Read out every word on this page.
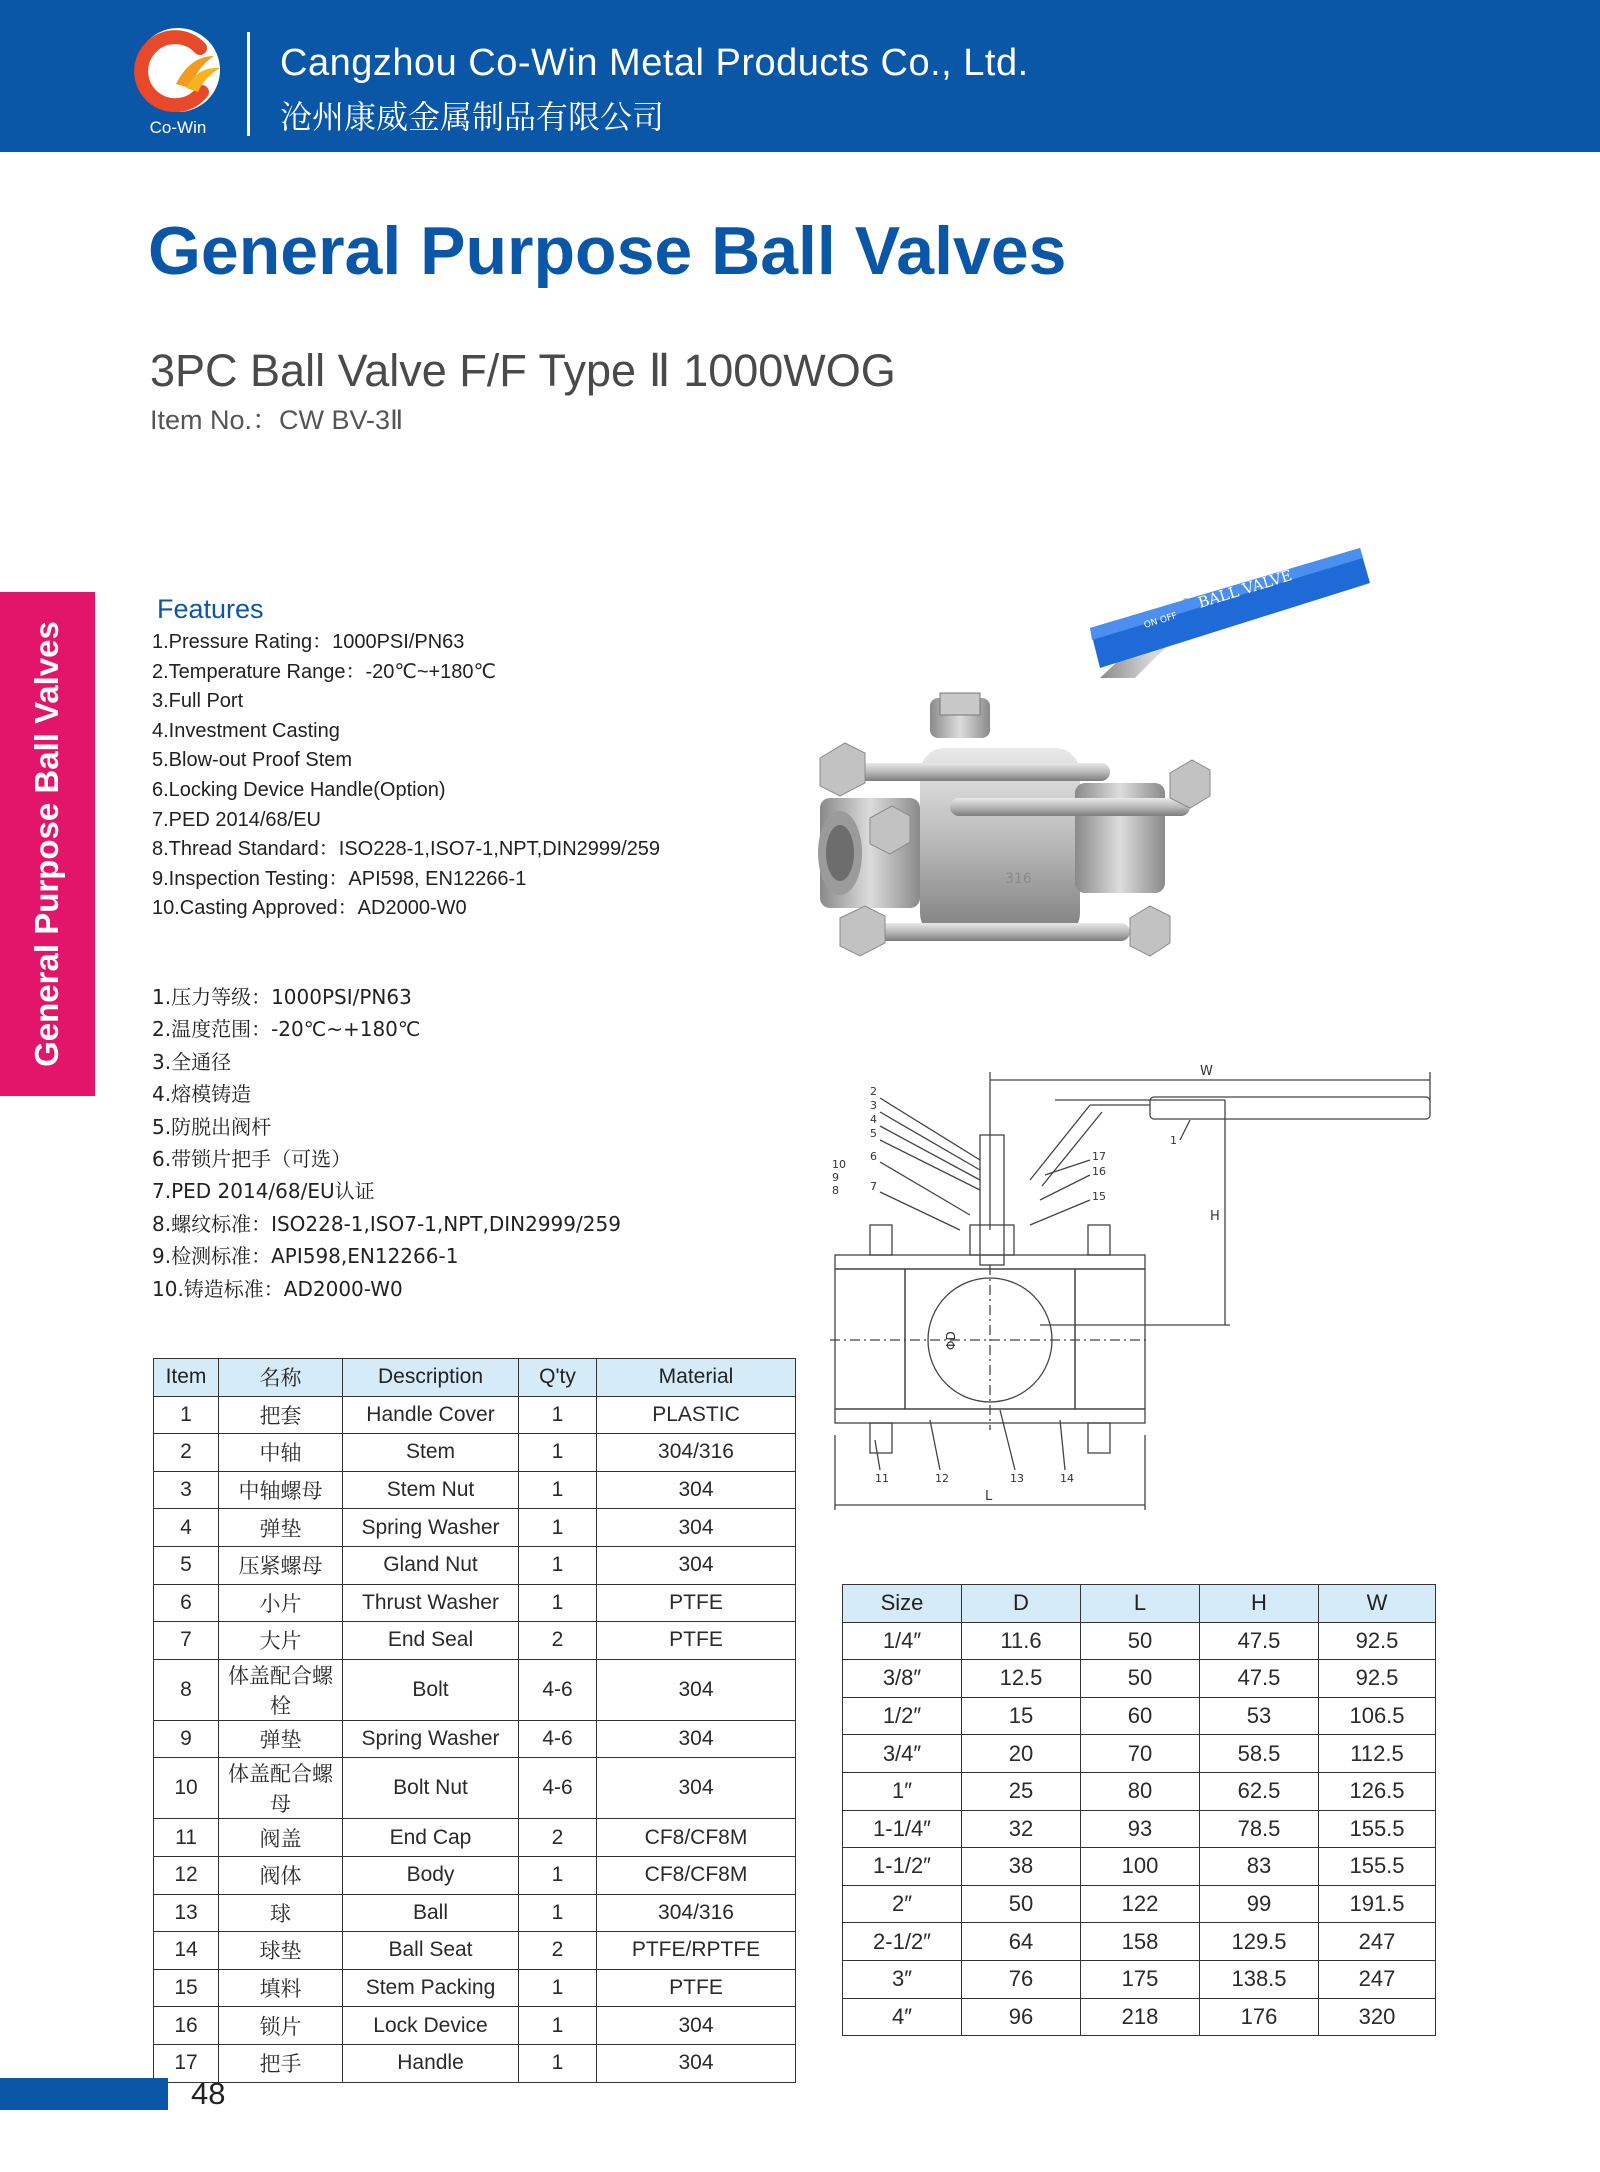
Co-Win
Cangzhou Co-Win Metal Products Co., Ltd.
沧州康威金属制品有限公司
General Purpose Ball Valves
3PC Ball Valve F/F Type Ⅱ 1000WOG
Item No.：CW BV-3Ⅱ
General Purpose Ball Valves
Features
1.Pressure Rating：1000PSI/PN63
2.Temperature Range：-20℃~+180℃
3.Full Port
4.Investment Casting
5.Blow-out Proof Stem
6.Locking Device Handle(Option)
7.PED 2014/68/EU
8.Thread Standard：ISO228-1,ISO7-1,NPT,DIN2999/259
9.Inspection Testing：API598, EN12266-1
10.Casting Approved：AD2000-W0
1.压力等级：1000PSI/PN63
2.温度范围：-20℃~+180℃
3.全通径
4.熔模铸造
5.防脱出阀杆
6.带锁片把手（可选）
7.PED 2014/68/EU认证
8.螺纹标准：ISO228-1,ISO7-1,NPT,DIN2999/259
9.检测标准：API598,EN12266-1
10.铸造标准：AD2000-W0
BALL VALVE
ON OFF
316
2
3
4
5
6
7
10
9
8
17
16
15
1
11	12	13	14
W
H
L
ΦD
Item	名称	Description	Q'ty	Material
1	把套	Handle Cover	1	PLASTIC
2	中轴	Stem	1	304/316
3	中轴螺母	Stem Nut	1	304
4	弹垫	Spring Washer	1	304
5	压紧螺母	Gland Nut	1	304
6	小片	Thrust Washer	1	PTFE
7	大片	End Seal	2	PTFE
8	体盖配合螺栓	Bolt	4-6	304
9	弹垫	Spring Washer	4-6	304
10	体盖配合螺母	Bolt Nut	4-6	304
11	阀盖	End Cap	2	CF8/CF8M
12	阀体	Body	1	CF8/CF8M
13	球	Ball	1	304/316
14	球垫	Ball Seat	2	PTFE/RPTFE
15	填料	Stem Packing	1	PTFE
16	锁片	Lock Device	1	304
17	把手	Handle	1	304
Size	D	L	H	W
1/4″	11.6	50	47.5	92.5
3/8″	12.5	50	47.5	92.5
1/2″	15	60	53	106.5
3/4″	20	70	58.5	112.5
1″	25	80	62.5	126.5
1-1/4″	32	93	78.5	155.5
1-1/2″	38	100	83	155.5
2″	50	122	99	191.5
2-1/2″	64	158	129.5	247
3″	76	175	138.5	247
4″	96	218	176	320
48
